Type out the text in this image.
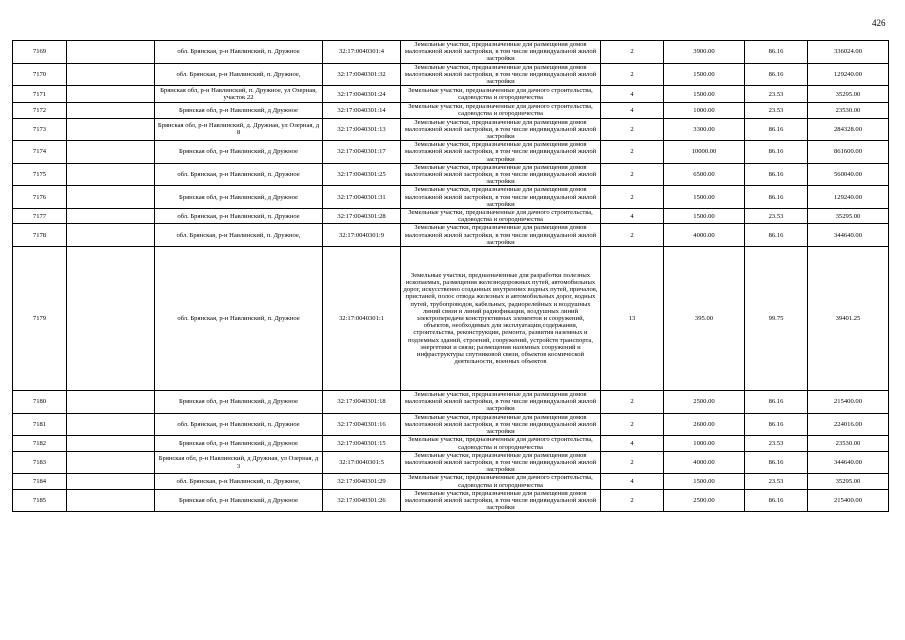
426
7169		обл. Брянская, р-н Навлинский, п. Дружное	32:17:0040301:4	Земельные участки, предназначенные для размещения домов малоэтажной жилой застройки, в том числе индивидуальной жилой застройки	2	3900.00	86.16	336024.00
7170		обл. Брянская, р-н Навлинский, п. Дружное,	32:17:0040301:32	Земельные участки, предназначенные для размещения домов малоэтажной жилой застройки, в том числе индивидуальной жилой застройки	2	1500.00	86.16	129240.00
7171		Брянская обл, р-н Навлинский, п. Дружное, ул Озерная, участок 22	32:17:0040301:24	Земельные участки, предназначенные для дачного строительства, садоводства и огородничества	4	1500.00	23.53	35295.00
7172		Брянская обл, р-н Навлинский, д Дружное	32:17:0040301:14	Земельные участки, предназначенные для дачного строительства, садоводства и огородничества	4	1000.00	23.53	23530.00
7173		Брянская обл, р-н Навлинский, д. Дружная, ул Озерная, д 8	32:17:0040301:13	Земельные участки, предназначенные для размещения домов малоэтажной жилой застройки, в том числе индивидуальной жилой застройки	2	3300.00	86.16	284328.00
7174		Брянская обл, р-н Навлинский, д Дружное	32:17:0040301:17	Земельные участки, предназначенные для размещения домов малоэтажной жилой застройки, в том числе индивидуальной жилой застройки	2	10000.00	86.16	861600.00
7175		обл. Брянская, р-н Навлинский, п. Дружное	32:17:0040301:25	Земельные участки, предназначенные для размещения домов малоэтажной жилой застройки, в том числе индивидуальной жилой застройки	2	6500.00	86.16	560040.00
7176		Брянская обл, р-н Навлинский, д Дружное	32:17:0040301:31	Земельные участки, предназначенные для размещения домов малоэтажной жилой застройки, в том числе индивидуальной жилой застройки	2	1500.00	86.16	129240.00
7177		обл. Брянская, р-н Навлинский, п. Дружное	32:17:0040301:28	Земельные участки, предназначенные для дачного строительства, садоводства и огородничества	4	1500.00	23.53	35295.00
7178		обл. Брянская, р-н Навлинский, п. Дружное,	32:17:0040301:9	Земельные участки, предназначенные для размещения домов малоэтажной жилой застройки, в том числе индивидуальной жилой застройки	2	4000.00	86.16	344640.00
7179		обл. Брянская, р-н Навлинский, п. Дружное	32:17:0040301:1	Земельные участки, предназначенные для разработки полезных ископаемых, размещения железнодорожных путей, автомобильных дорог, искусственно созданных внутренних водных путей, причалов, пристаней, полос отвода железных и автомобильных дорог, водных путей, трубопроводов, кабельных, радиорелейных и воздушных линий связи и линий радиофикации, воздушных линий электропередачи конструктивных элементов и сооружений, объектов, необходимых для эксплуатации,содержания, строительства, реконструкции, ремонта, развития наземных и подземных зданий, строений, сооружений, устройств транспорта, энергетики и связи; размещения наземных сооружений и инфраструктуры спутниковой связи, объектов космической деятельности, военных объектов	13	395.00	99.75	39401.25
7180		Брянская обл, р-н Навлинский, д Дружное	32:17:0040301:18	Земельные участки, предназначенные для размещения домов малоэтажной жилой застройки, в том числе индивидуальной жилой застройки	2	2500.00	86.16	215400.00
7181		обл. Брянская, р-н Навлинский, п. Дружное	32:17:0040301:16	Земельные участки, предназначенные для размещения домов малоэтажной жилой застройки, в том числе индивидуальной жилой застройки	2	2600.00	86.16	224016.00
7182		Брянская обл, р-н Навлинский, д Дружное	32:17:0040301:15	Земельные участки, предназначенные для дачного строительства, садоводства и огородничества	4	1000.00	23.53	23530.00
7183		Брянская обл, р-н Навлинский, д Дружная, ул Озерная, д 3	32:17:0040301:5	Земельные участки, предназначенные для размещения домов малоэтажной жилой застройки, в том числе индивидуальной жилой застройки	2	4000.00	86.16	344640.00
7184		обл. Брянская, р-н Навлинский, п. Дружное,	32:17:0040301:29	Земельные участки, предназначенные для дачного строительства, садоводства и огородничества	4	1500.00	23.53	35295.00
7185		Брянская обл, р-н Навлинский, д Дружное	32:17:0040301:26	Земельные участки, предназначенные для размещения домов малоэтажной жилой застройки, в том числе индивидуальной жилой застройки	2	2500.00	86.16	215400.00
